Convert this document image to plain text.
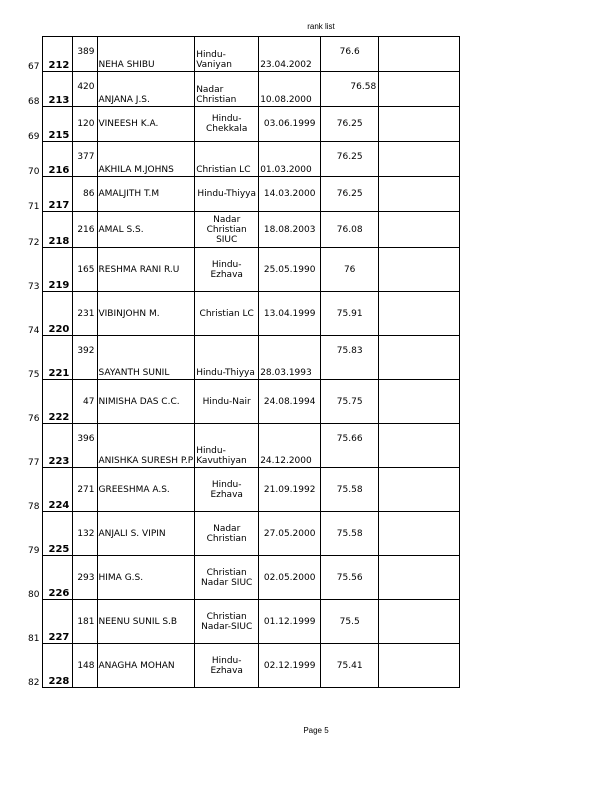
rank list
67	212	389	NEHA SHIBU	Hindu-Vaniyan	23.04.2002	76.6	
68	213	420	ANJANA J.S.	Nadar Christian	10.08.2000	76.58	
69	215	120	VINEESH K.A.	Hindu-Chekkala	03.06.1999	76.25	
70	216	377	AKHILA M.JOHNS	Christian LC	01.03.2000	76.25	
71	217	86	AMALJITH T.M	Hindu-Thiyya	14.03.2000	76.25	
72	218	216	AMAL S.S.	Nadar Christian SIUC	18.08.2003	76.08	
73	219	165	RESHMA RANI R.U	Hindu-Ezhava	25.05.1990	76	
74	220	231	VIBINJOHN M.	Christian LC	13.04.1999	75.91	
75	221	392	SAYANTH SUNIL	Hindu-Thiyya	28.03.1993	75.83	
76	222	47	NIMISHA DAS C.C.	Hindu-Nair	24.08.1994	75.75	
77	223	396	ANISHKA SURESH P.P	Hindu-Kavuthiyan	24.12.2000	75.66	
78	224	271	GREESHMA A.S.	Hindu-Ezhava	21.09.1992	75.58	
79	225	132	ANJALI S. VIPIN	Nadar Christian	27.05.2000	75.58	
80	226	293	HIMA G.S.	Christian Nadar SIUC	02.05.2000	75.56	
81	227	181	NEENU SUNIL S.B	Christian Nadar-SIUC	01.12.1999	75.5	
82	228	148	ANAGHA MOHAN	Hindu-Ezhava	02.12.1999	75.41	
Page 5
